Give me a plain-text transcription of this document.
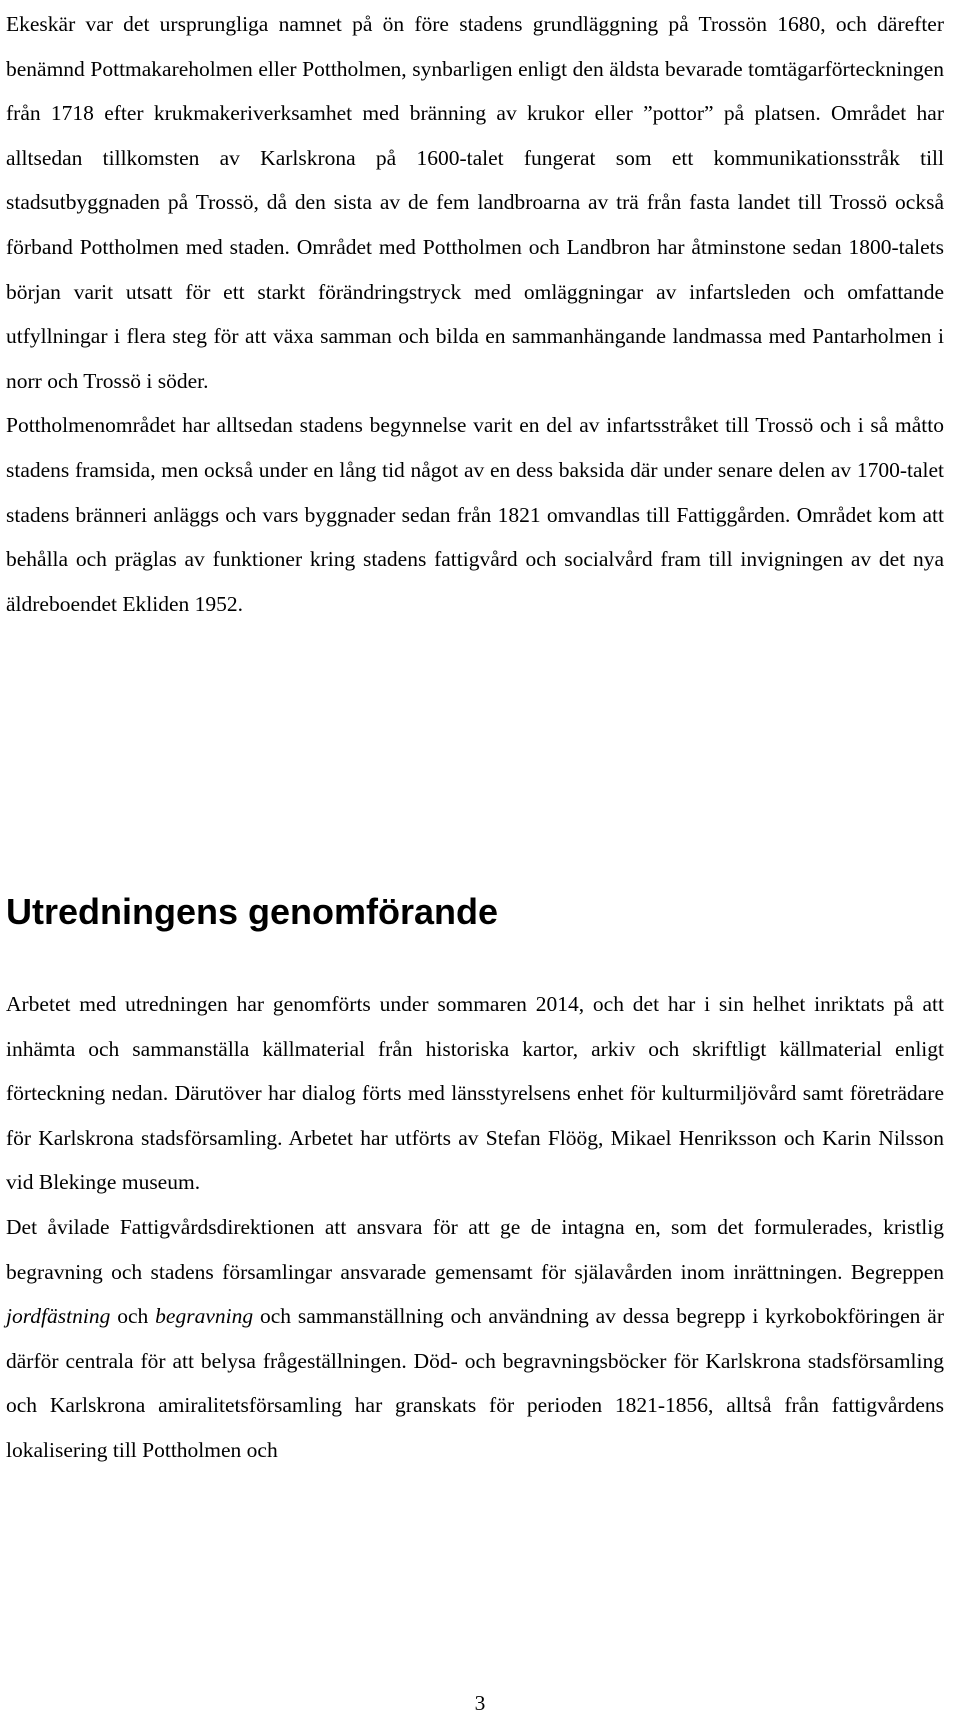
Ekeskär var det ursprungliga namnet på ön före stadens grundläggning på Trossön 1680, och därefter benämnd Pottmakareholmen eller Pottholmen, synbarligen enligt den äldsta bevarade tomtägarförteckningen från 1718 efter krukmakeriverksamhet med bränning av krukor eller ”pottor” på platsen. Området har alltsedan tillkomsten av Karlskrona på 1600-talet fungerat som ett kommunikationsstråk till stadsutbyggnaden på Trossö, då den sista av de fem landbroarna av trä från fasta landet till Trossö också förband Pottholmen med staden. Området med Pottholmen och Landbron har åtminstone sedan 1800-talets början varit utsatt för ett starkt förändringstryck med omläggningar av infartsleden och omfattande utfyllningar i flera steg för att växa samman och bilda en sammanhängande landmassa med Pantarholmen i norr och Trossö i söder.

Pottholmenområdet har alltsedan stadens begynnelse varit en del av infartsstråket till Trossö och i så måtto stadens framsida, men också under en lång tid något av en dess baksida där under senare delen av 1700-talet stadens bränneri anläggs och vars byggnader sedan från 1821 omvandlas till Fattiggården. Området kom att behålla och präglas av funktioner kring stadens fattigvård och socialvård fram till invigningen av det nya äldreboendet Ekliden 1952.

Utredningens genomförande

Arbetet med utredningen har genomförts under sommaren 2014, och det har i sin helhet inriktats på att inhämta och sammanställa källmaterial från historiska kartor, arkiv och skriftligt källmaterial enligt förteckning nedan. Därutöver har dialog förts med länsstyrelsens enhet för kulturmiljövård samt företrädare för Karlskrona stadsförsamling. Arbetet har utförts av Stefan Flöög, Mikael Henriksson och Karin Nilsson vid Blekinge museum.

Det åvilade Fattigvårdsdirektionen att ansvara för att ge de intagna en, som det formulerades, kristlig begravning och stadens församlingar ansvarade gemensamt för själavården inom inrättningen. Begreppen jordfästning och begravning och sammanställning och användning av dessa begrepp i kyrkobokföringen är därför centrala för att belysa frågeställningen. Död- och begravningsböcker för Karlskrona stadsförsamling och Karlskrona amiralitetsförsamling har granskats för perioden 1821-1856, alltså från fattigvårdens lokalisering till Pottholmen och

3
